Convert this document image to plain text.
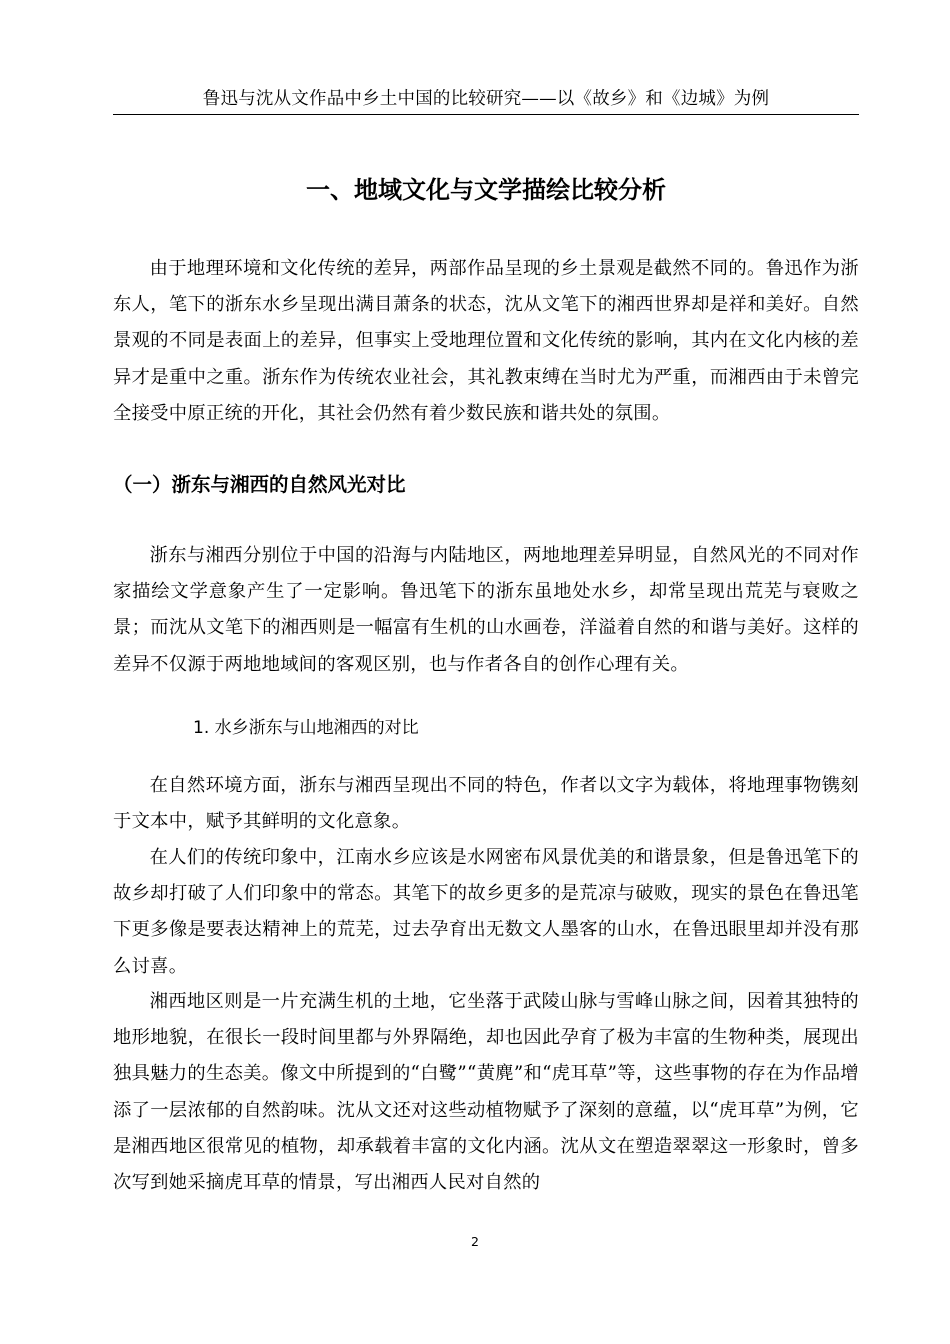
鲁迅与沈从文作品中乡土中国的比较研究——以《故乡》和《边城》为例
一、地域文化与文学描绘比较分析

由于地理环境和文化传统的差异，两部作品呈现的乡土景观是截然不同的。鲁迅作为浙东人，笔下的浙东水乡呈现出满目萧条的状态，沈从文笔下的湘西世界却是祥和美好。自然景观的不同是表面上的差异，但事实上受地理位置和文化传统的影响，其内在文化内核的差异才是重中之重。浙东作为传统农业社会，其礼教束缚在当时尤为严重，而湘西由于未曾完全接受中原正统的开化，其社会仍然有着少数民族和谐共处的氛围。

（一）浙东与湘西的自然风光对比

浙东与湘西分别位于中国的沿海与内陆地区，两地地理差异明显，自然风光的不同对作家描绘文学意象产生了一定影响。鲁迅笔下的浙东虽地处水乡，却常呈现出荒芜与衰败之景；而沈从文笔下的湘西则是一幅富有生机的山水画卷，洋溢着自然的和谐与美好。这样的差异不仅源于两地地域间的客观区别，也与作者各自的创作心理有关。

1. 水乡浙东与山地湘西的对比

在自然环境方面，浙东与湘西呈现出不同的特色，作者以文字为载体，将地理事物镌刻于文本中，赋予其鲜明的文化意象。

在人们的传统印象中，江南水乡应该是水网密布风景优美的和谐景象，但是鲁迅笔下的故乡却打破了人们印象中的常态。其笔下的故乡更多的是荒凉与破败，现实的景色在鲁迅笔下更多像是要表达精神上的荒芜，过去孕育出无数文人墨客的山水，在鲁迅眼里却并没有那么讨喜。

湘西地区则是一片充满生机的土地，它坐落于武陵山脉与雪峰山脉之间，因着其独特的地形地貌，在很长一段时间里都与外界隔绝，却也因此孕育了极为丰富的生物种类，展现出独具魅力的生态美。像文中所提到的“白鹭”“黄麂”和“虎耳草”等，这些事物的存在为作品增添了一层浓郁的自然韵味。沈从文还对这些动植物赋予了深刻的意蕴，以“虎耳草”为例，它是湘西地区很常见的植物，却承载着丰富的文化内涵。沈从文在塑造翠翠这一形象时，曾多次写到她采摘虎耳草的情景，写出湘西人民对自然的

2
